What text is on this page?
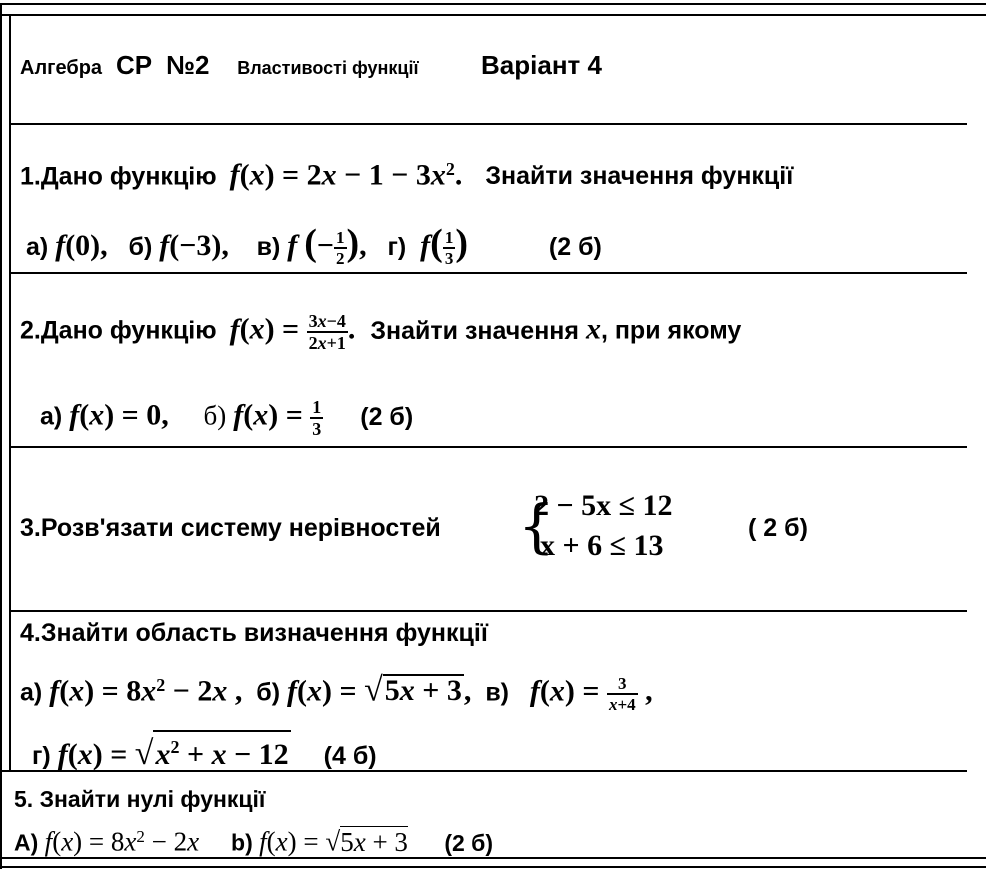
Алгебра СР №2 Властивості функції Варіант 4
1.Дано функцію $f(x) = 2x - 1 - 3x^2$. Знайти значення функції
а) f(0), б) f(−3), в) f (− $\frac{1}{2}$ ), г) $f( \frac{1}{3}$ )	(2 б)
2.Дано функцію $f(x) = \frac{3x-4}{2x+1}$ . Знайти значення x, при якому
а) f(x) = 0, б) $f(x) = \frac{1}{3} (2$ б)
3.Розв'язати систему нерівностей {
2 − 5x ≤ 12
x + 6 ≤ 13
( 2 б)
4.Знайти область визначення функції
а) $f(x) = 8x^2 - 2x$ , б) f(x) = √5x + 3, в) $f(x) = \frac{3}{x+4}$ ,
г) $f(x) = √x^2 + x - 12$ (4 б)
5. Знайти нулі функції
А) $f(x) = 8x^2 - 2x$ b) f(x) = √5x + 3 (2 б)
